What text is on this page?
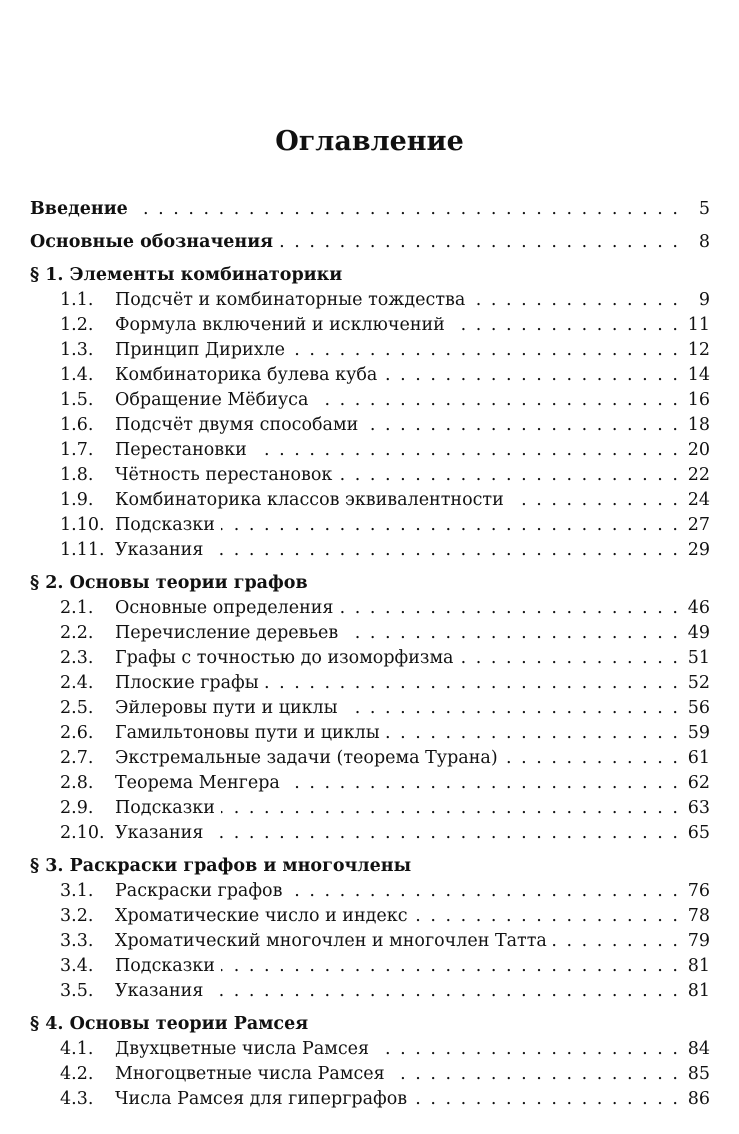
Оглавление
Введение . . .	5
Основные обозначения . . .	8
§ 1. Элементы комбинаторики
1.1.	Подсчёт и комбинаторные тождества . . .	9
1.2.	Формула включений и исключений . . .	11
1.3.	Принцип Дирихле . . .	12
1.4.	Комбинаторика булева куба . . .	14
1.5.	Обращение Мёбиуса . . .	16
1.6.	Подсчёт двумя способами . . .	18
1.7.	Перестановки . . .	20
1.8.	Чётность перестановок . . .	22
1.9.	Комбинаторика классов эквивалентности . . .	24
1.10. Подсказки . . .	27
1.11. Указания . . .	29
§ 2. Основы теории графов
2.1.	Основные определения . . .	46
2.2.	Перечисление деревьев . . .	49
2.3.	Графы с точностью до изоморфизма . . .	51
2.4.	Плоские графы . . .	52
2.5.	Эйлеровы пути и циклы . . .	56
2.6.	Гамильтоновы пути и циклы . . .	59
2.7.	Экстремальные задачи (теорема Турана) . . .	61
2.8.	Теорема Менгера . . .	62
2.9.	Подсказки . . .	63
2.10. Указания . . .	65
§ 3. Раскраски графов и многочлены
3.1.	Раскраски графов . . .	76
3.2.	Хроматические число и индекс . . .	78
3.3.	Хроматический многочлен и многочлен Татта . . .	79
3.4.	Подсказки . . .	81
3.5.	Указания . . .	81
§ 4. Основы теории Рамсея
4.1.	Двухцветные числа Рамсея . . .	84
4.2.	Многоцветные числа Рамсея . . .	85
4.3.	Числа Рамсея для гиперграфов . . .	86
